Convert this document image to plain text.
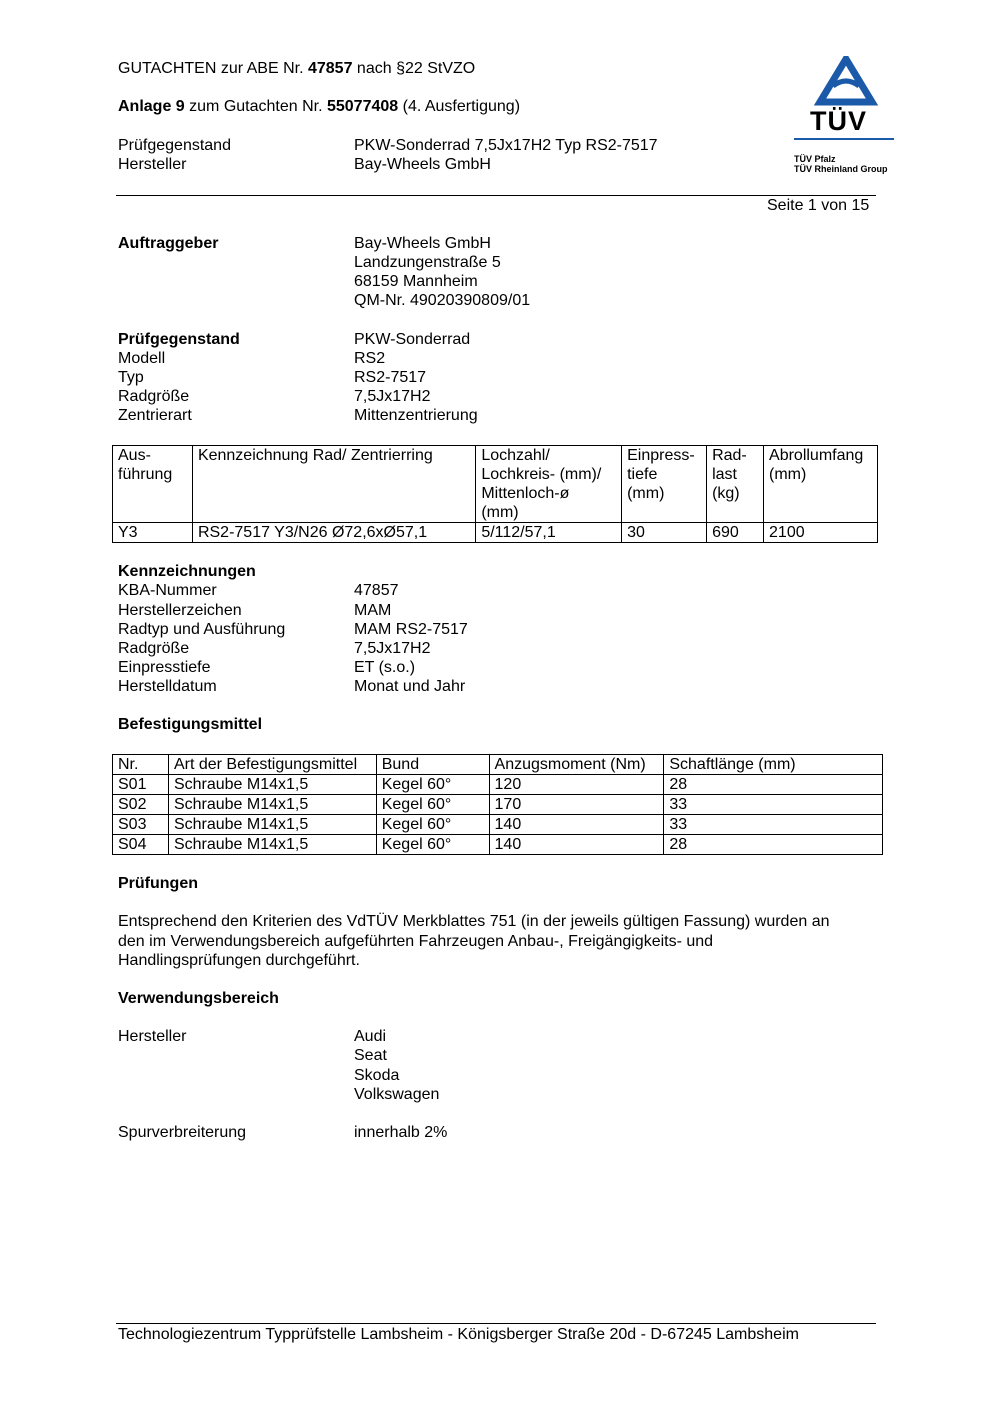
GUTACHTEN zur ABE Nr. 47857 nach §22 StVZO
Anlage 9 zum Gutachten Nr. 55077408 (4. Ausfertigung)
Prüfgegenstand	PKW-Sonderrad 7,5Jx17H2 Typ RS2-7517
Hersteller	Bay-Wheels GmbH
TÜV
TÜV Pfalz
TÜV Rheinland Group
Seite 1 von 15
Auftraggeber	Bay-Wheels GmbH
Landzungenstraße 5
68159 Mannheim
QM-Nr. 49020390809/01
Prüfgegenstand	PKW-Sonderrad
Modell	RS2
Typ	RS2-7517
Radgröße	7,5Jx17H2
Zentrierart	Mittenzentrierung
Aus-
führung	Kennzeichnung Rad/ Zentrierring	Lochzahl/
Lochkreis- (mm)/
Mittenloch-ø
(mm)	Einpress-
tiefe
(mm)	Rad-
last
(kg)	Abrollumfang
(mm)
Y3	RS2-7517 Y3/N26 Ø72,6xØ57,1	5/112/57,1	30	690	2100
Kennzeichnungen
KBA-Nummer	47857
Herstellerzeichen	MAM
Radtyp und Ausführung	MAM RS2-7517
Radgröße	7,5Jx17H2
Einpresstiefe	ET (s.o.)
Herstelldatum	Monat und Jahr
Befestigungsmittel
Nr.	Art der Befestigungsmittel	Bund	Anzugsmoment (Nm)	Schaftlänge (mm)
S01	Schraube M14x1,5	Kegel 60°	120	28
S02	Schraube M14x1,5	Kegel 60°	170	33
S03	Schraube M14x1,5	Kegel 60°	140	33
S04	Schraube M14x1,5	Kegel 60°	140	28
Prüfungen
Entsprechend den Kriterien des VdTÜV Merkblattes 751 (in der jeweils gültigen Fassung) wurden an
den im Verwendungsbereich aufgeführten Fahrzeugen Anbau-, Freigängigkeits- und
Handlingsprüfungen durchgeführt.
Verwendungsbereich
Hersteller	Audi
Seat
Skoda
Volkswagen
Spurverbreiterung	innerhalb 2%
Technologiezentrum Typprüfstelle Lambsheim - Königsberger Straße 20d - D-67245 Lambsheim
